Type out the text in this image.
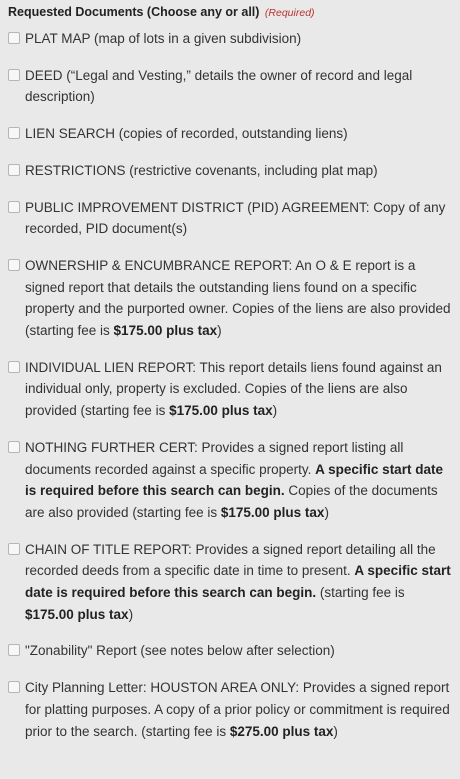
Requested Documents (Choose any or all) (Required)
PLAT MAP (map of lots in a given subdivision)
DEED (“Legal and Vesting,” details the owner of record and legal description)
LIEN SEARCH (copies of recorded, outstanding liens)
RESTRICTIONS (restrictive covenants, including plat map)
PUBLIC IMPROVEMENT DISTRICT (PID) AGREEMENT: Copy of any recorded, PID document(s)
OWNERSHIP & ENCUMBRANCE REPORT: An O & E report is a signed report that details the outstanding liens found on a specific property and the purported owner. Copies of the liens are also provided (starting fee is $175.00 plus tax)
INDIVIDUAL LIEN REPORT: This report details liens found against an individual only, property is excluded. Copies of the liens are also provided (starting fee is $175.00 plus tax)
NOTHING FURTHER CERT: Provides a signed report listing all documents recorded against a specific property. A specific start date is required before this search can begin. Copies of the documents are also provided (starting fee is $175.00 plus tax)
CHAIN OF TITLE REPORT: Provides a signed report detailing all the recorded deeds from a specific date in time to present. A specific start date is required before this search can begin. (starting fee is $175.00 plus tax)
"Zonability" Report (see notes below after selection)
City Planning Letter: HOUSTON AREA ONLY: Provides a signed report for platting purposes. A copy of a prior policy or commitment is required prior to the search. (starting fee is $275.00 plus tax)
